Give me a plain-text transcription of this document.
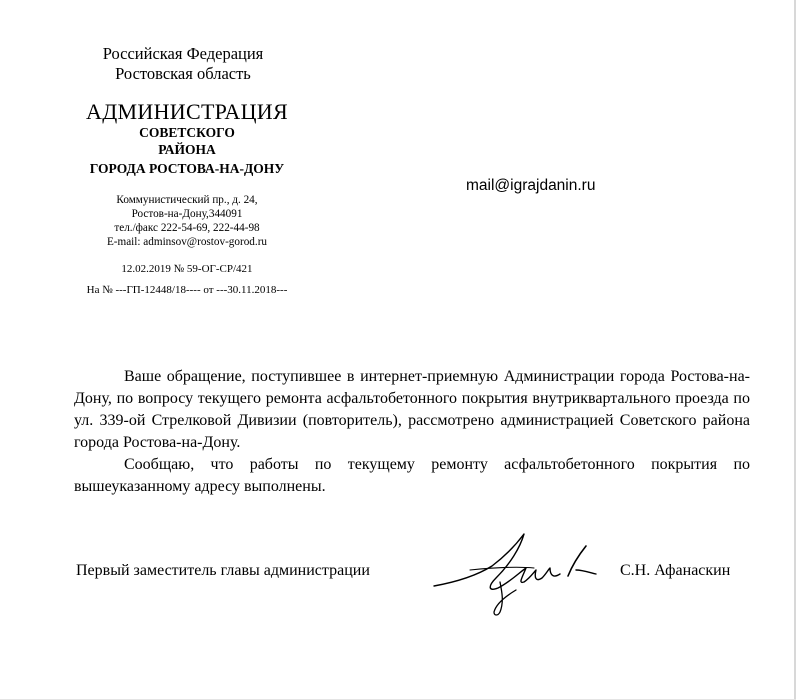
Российская Федерация
Ростовская область
АДМИНИСТРАЦИЯ
СОВЕТСКОГО
РАЙОНА
ГОРОДА РОСТОВА-НА-ДОНУ
Коммунистический пр., д. 24,
Ростов-на-Дону,344091
тел./факс 222-54-69, 222-44-98
E-mail: adminsov@rostov-gorod.ru
12.02.2019 № 59-ОГ-СР/421
На № ---ГП-12448/18---- от ---30.11.2018---
mail@igrajdanin.ru

Ваше обращение, поступившее в интернет-приемную Администрации города Ростова-на-Дону, по вопросу текущего ремонта асфальтобетонного покрытия внутриквартального проезда по ул. 339-ой Стрелковой Дивизии (повторитель), рассмотрено администрацией Советского района города Ростова-на-Дону.

Сообщаю, что работы по текущему ремонту асфальтобетонного покрытия по вышеуказанному адресу выполнены.

Первый заместитель главы администрации	С.Н. Афанаскин
